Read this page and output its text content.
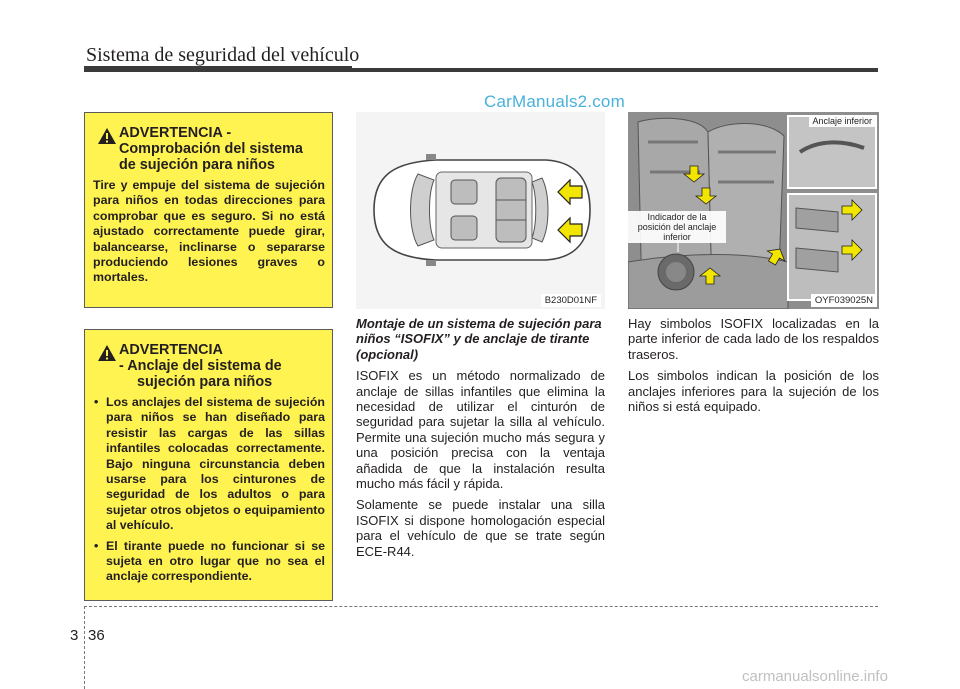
Sistema de seguridad del vehículo
CarManuals2.com
ADVERTENCIA -
Comprobación del sistema
de sujeción para niños
Tire y empuje del sistema de sujeción para niños en todas direcciones para comprobar que es seguro. Si no está ajustado correctamente puede girar, balancearse, inclinarse o separarse produciendo lesiones graves o mortales.
ADVERTENCIA
- Anclaje del sistema de
sujeción para niños
• Los anclajes del sistema de sujeción para niños se han diseñado para resistir las cargas de las sillas infantiles colocadas correctamente. Bajo ninguna circunstancia deben usarse para los cinturones de seguridad de los adultos o para sujetar otros objetos o equipamiento al vehículo.
• El tirante puede no funcionar si se sujeta en otro lugar que no sea el anclaje correspondiente.
B230D01NF
Anclaje inferior
Indicador de la posición del anclaje inferior
OYF039025N

Montaje de un sistema de sujeción para niños “ISOFIX” y de anclaje de tirante (opcional)

ISOFIX es un método normalizado de anclaje de sillas infantiles que elimina la necesidad de utilizar el cinturón de seguridad para sujetar la silla al vehículo. Permite una sujeción mucho más segura y una posición precisa con la ventaja añadida de que la instalación resulta mucho más fácil y rápida.

Solamente se puede instalar una silla ISOFIX si dispone homologación especial para el vehículo de que se trate según ECE-R44.

Hay simbolos ISOFIX localizadas en la parte inferior de cada lado de los respaldos traseros.

Los simbolos indican la posición de los anclajes inferiores para la sujeción de los niños si está equipado.

3 36
carmanualsonline.info
